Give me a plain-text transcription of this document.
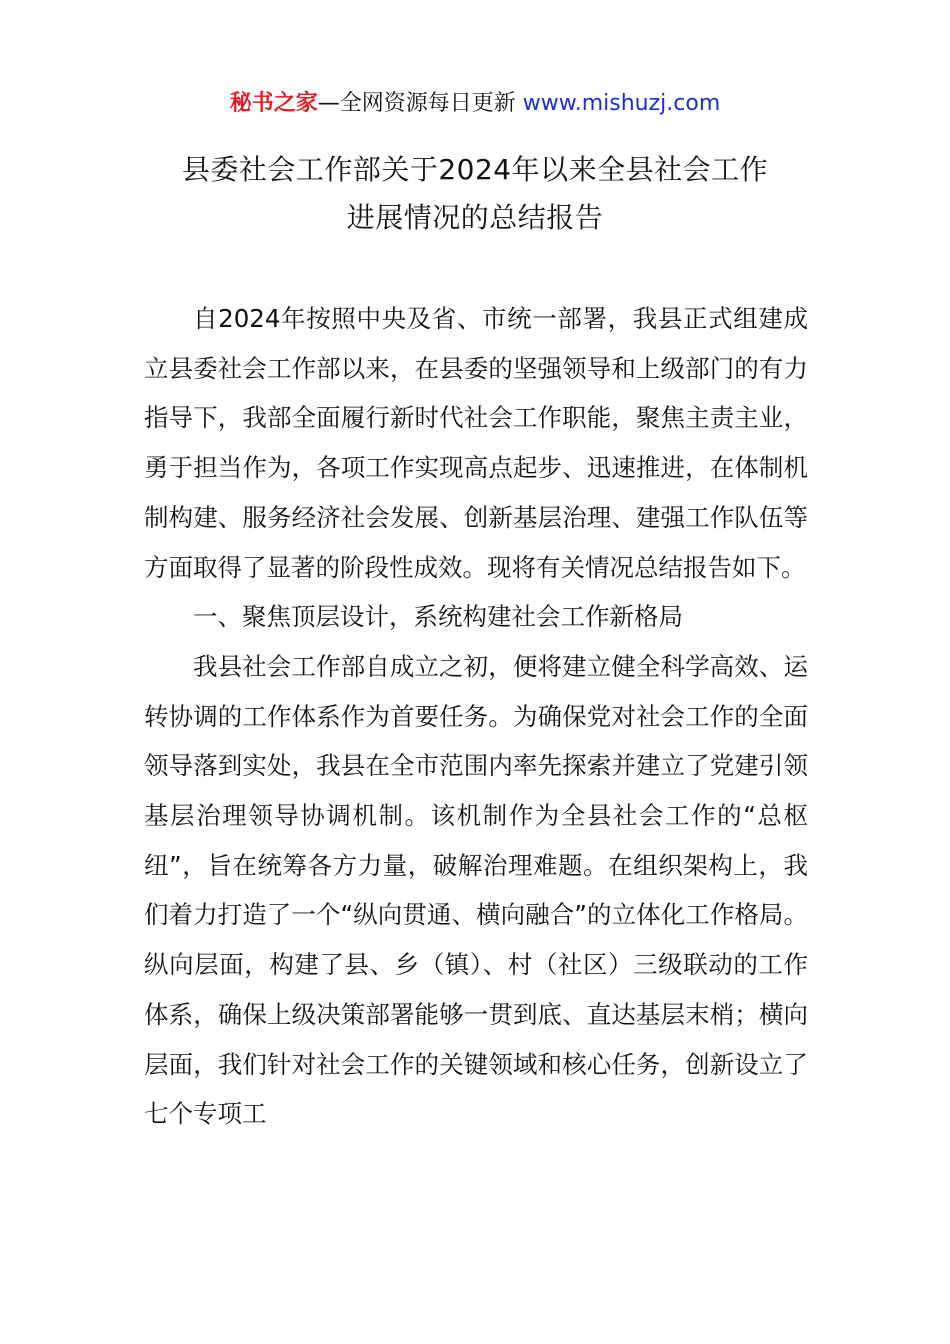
秘书之家—全网资源每日更新 www.mishuzj.com
县委社会工作部关于2024年以来全县社会工作
进展情况的总结报告

自2024年按照中央及省、市统一部署，我县正式组建成立县委社会工作部以来，在县委的坚强领导和上级部门的有力指导下，我部全面履行新时代社会工作职能，聚焦主责主业，勇于担当作为，各项工作实现高点起步、迅速推进，在体制机制构建、服务经济社会发展、创新基层治理、建强工作队伍等方面取得了显著的阶段性成效。现将有关情况总结报告如下。

一、聚焦顶层设计，系统构建社会工作新格局

我县社会工作部自成立之初，便将建立健全科学高效、运转协调的工作体系作为首要任务。为确保党对社会工作的全面领导落到实处，我县在全市范围内率先探索并建立了党建引领基层治理领导协调机制。该机制作为全县社会工作的“总枢纽”，旨在统筹各方力量，破解治理难题。在组织架构上，我们着力打造了一个“纵向贯通、横向融合”的立体化工作格局。纵向层面，构建了县、乡（镇）、村（社区）三级联动的工作体系，确保上级决策部署能够一贯到底、直达基层末梢；横向层面，我们针对社会工作的关键领域和核心任务，创新设立了七个专项工
